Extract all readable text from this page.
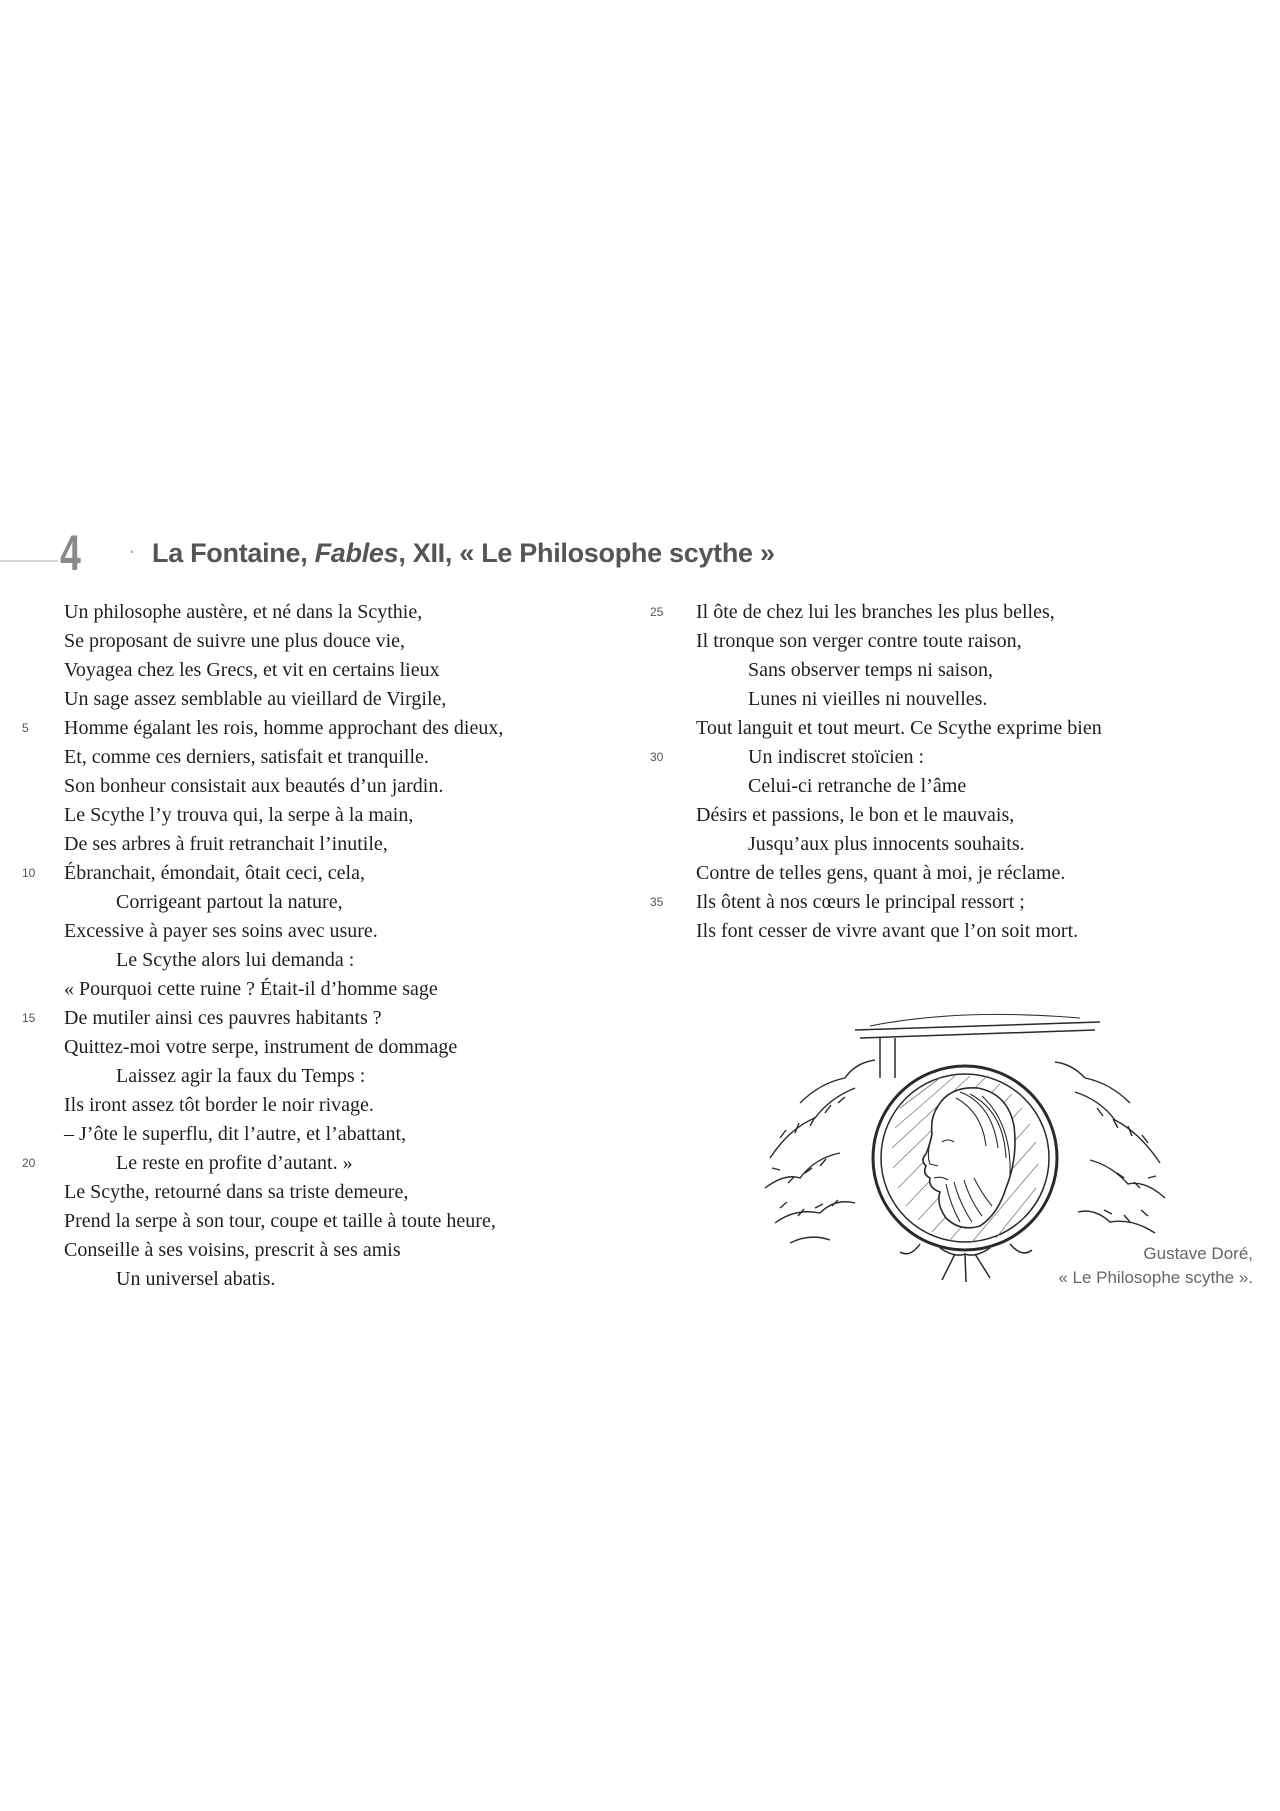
4 · La Fontaine, Fables, XII, « Le Philosophe scythe »
Un philosophe austère, et né dans la Scythie,
Se proposant de suivre une plus douce vie,
Voyagea chez les Grecs, et vit en certains lieux
Un sage assez semblable au vieillard de Virgile,
5 Homme égalant les rois, homme approchant des dieux,
Et, comme ces derniers, satisfait et tranquille.
Son bonheur consistait aux beautés d’un jardin.
Le Scythe l’y trouva qui, la serpe à la main,
De ses arbres à fruit retranchait l’inutile,
10 Ébranchait, émondait, ôtait ceci, cela,
Corrigeant partout la nature,
Excessive à payer ses soins avec usure.
Le Scythe alors lui demanda :
« Pourquoi cette ruine ? Était-il d’homme sage
15 De mutiler ainsi ces pauvres habitants ?
Quittez-moi votre serpe, instrument de dommage
Laissez agir la faux du Temps :
Ils iront assez tôt border le noir rivage.
– J’ôte le superflu, dit l’autre, et l’abattant,
20	Le reste en profite d’autant. »
Le Scythe, retourné dans sa triste demeure,
Prend la serpe à son tour, coupe et taille à toute heure,
Conseille à ses voisins, prescrit à ses amis
Un universel abatis.
25 Il ôte de chez lui les branches les plus belles,
Il tronque son verger contre toute raison,
Sans observer temps ni saison,
Lunes ni vieilles ni nouvelles.
Tout languit et tout meurt. Ce Scythe exprime bien
30	Un indiscret stoïcien :
Celui-ci retranche de l’âme
Désirs et passions, le bon et le mauvais,
Jusqu’aux plus innocents souhaits.
Contre de telles gens, quant à moi, je réclame.
35 Ils ôtent à nos cœurs le principal ressort ;
Ils font cesser de vivre avant que l’on soit mort.
Gustave Doré,
« Le Philosophe scythe ».
